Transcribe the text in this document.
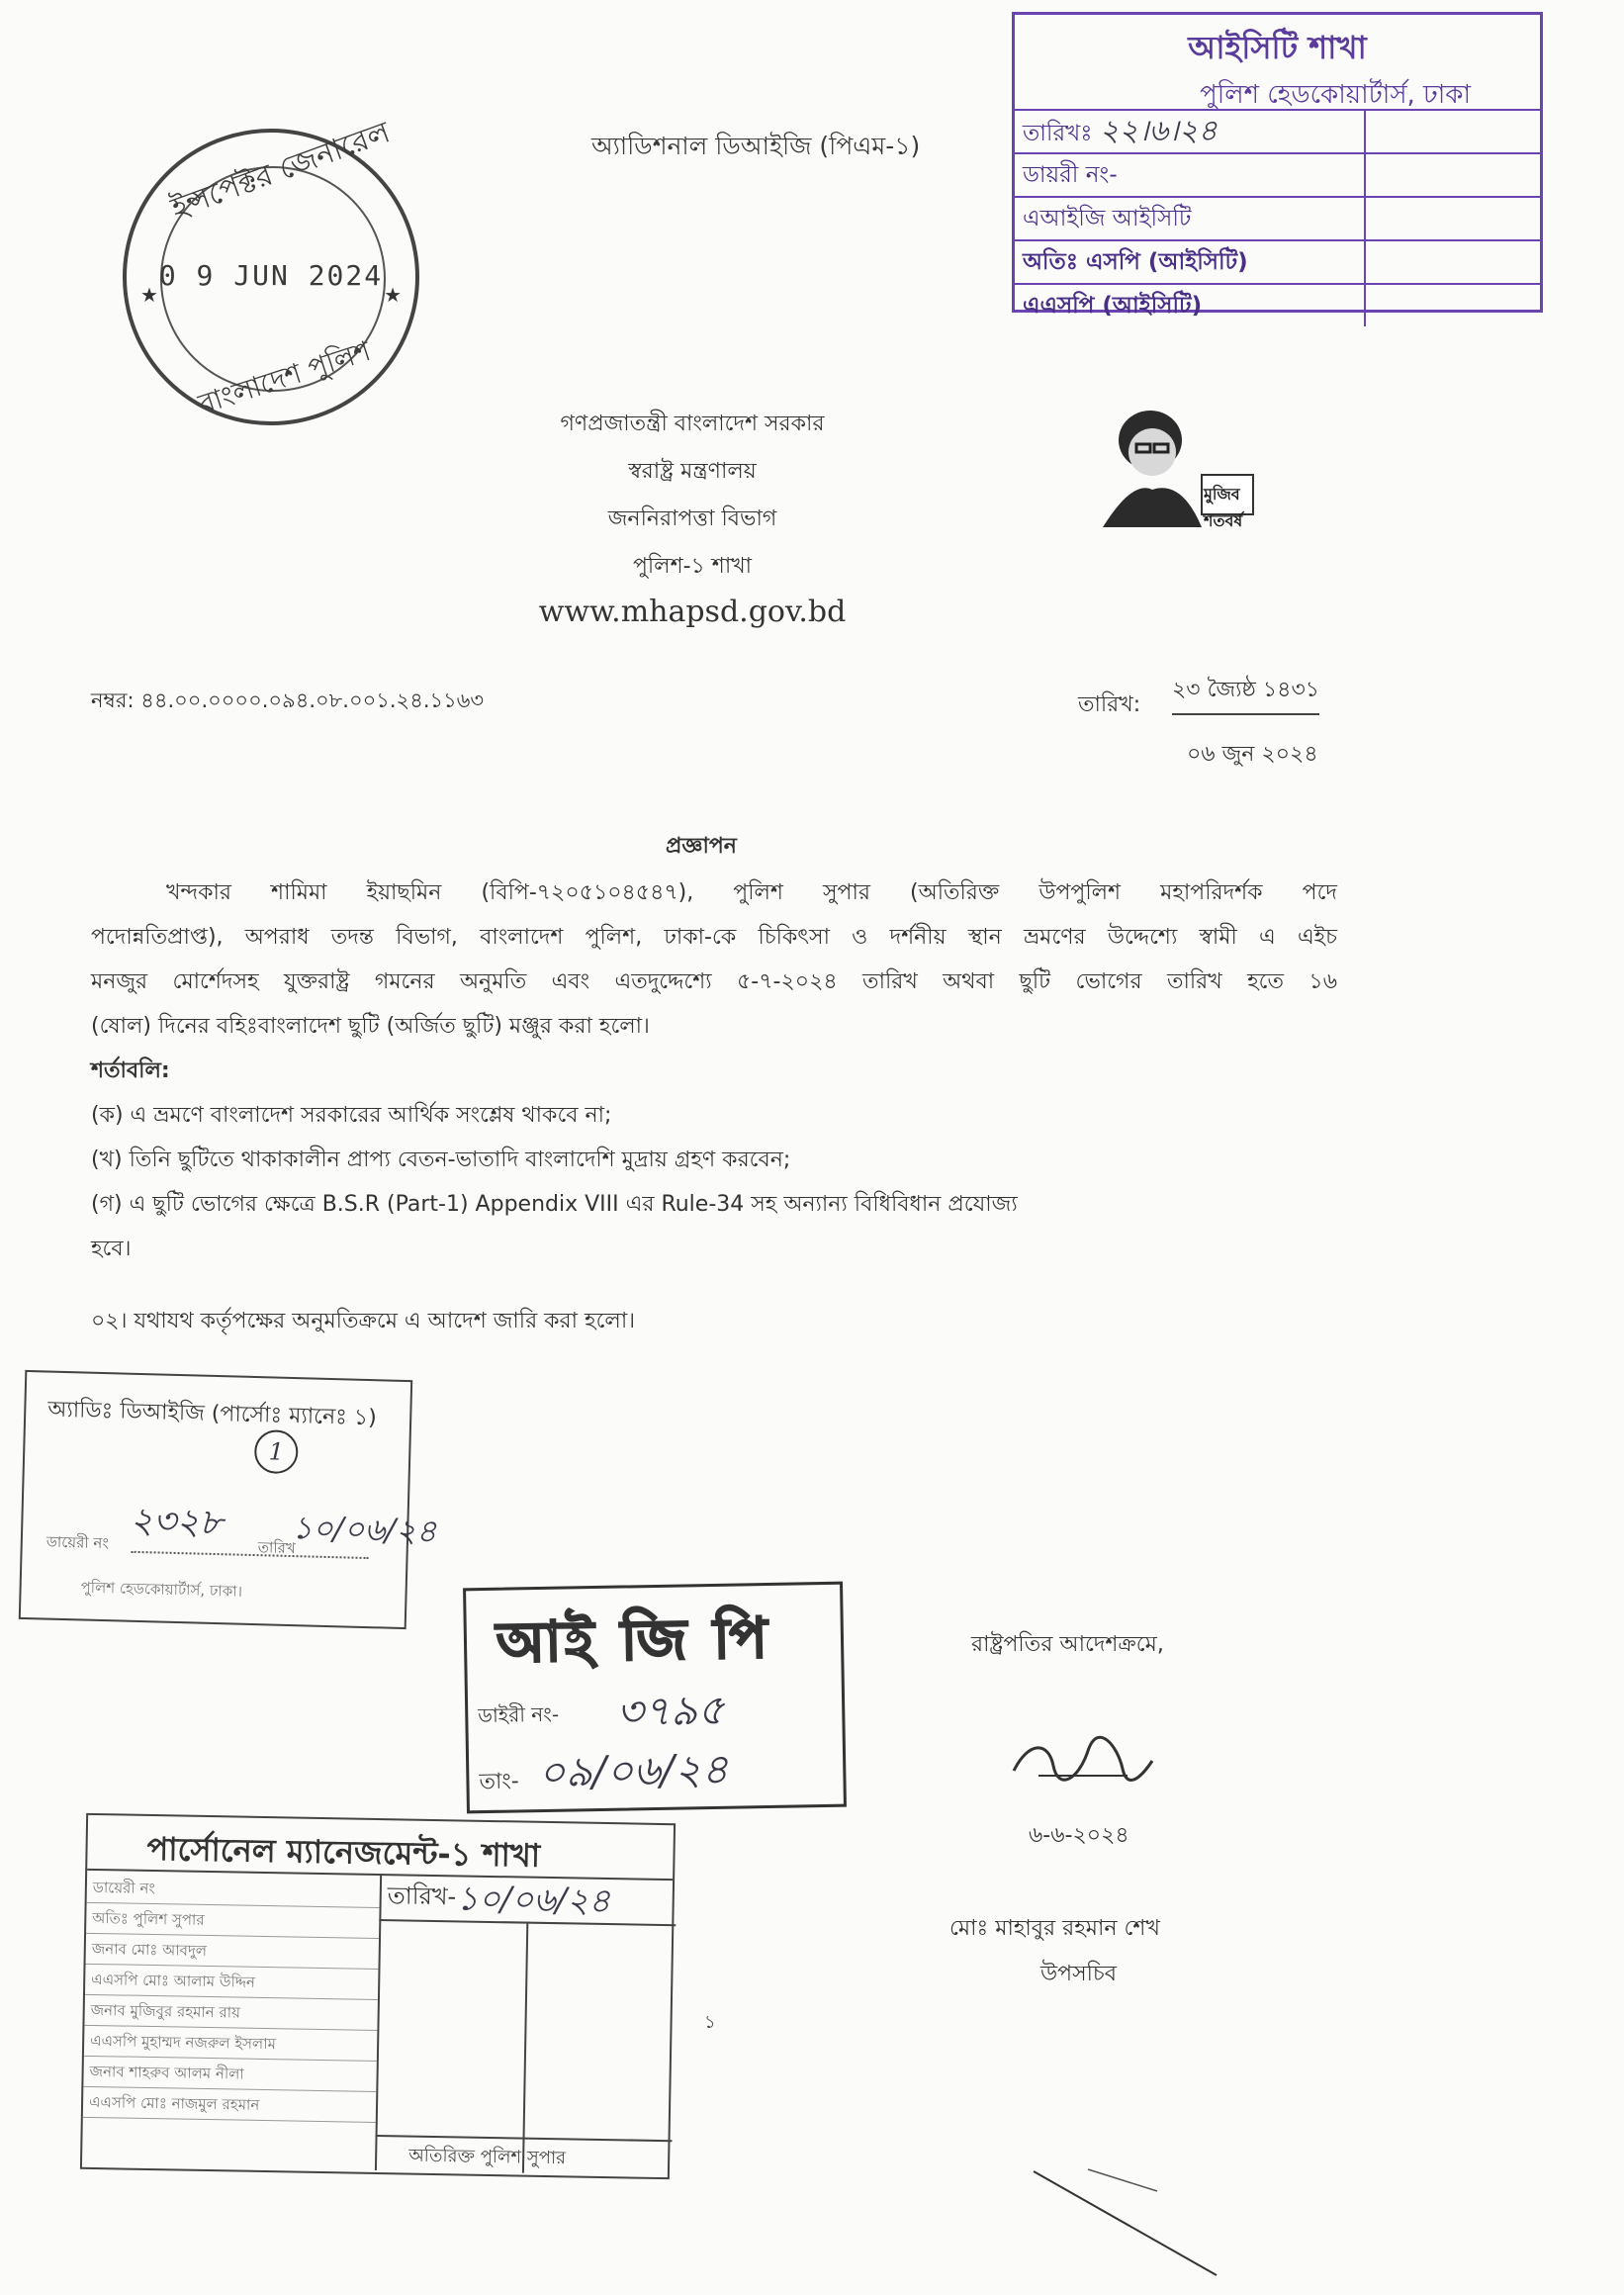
আইসিটি শাখা
পুলিশ হেডকোয়ার্টার্স, ঢাকা
তারিখঃ ২২।৬।২৪
ডায়রী নং-
এআইজি আইসিটি
অতিঃ এসপি (আইসিটি)
এএসপি (আইসিটি)
অ্যাডিশনাল ডিআইজি (পিএম-১)
ইন্সপেক্টর জেনারেল
★	★
0 9 JUN 2024
বাংলাদেশ পুলিশ
গণপ্রজাতন্ত্রী বাংলাদেশ সরকার
স্বরাষ্ট্র মন্ত্রণালয়
জননিরাপত্তা বিভাগ
পুলিশ-১ শাখা
www.mhapsd.gov.bd
মুজিব শতবর্ষ
নম্বর: ৪৪.০০.০০০০.০৯৪.০৮.০০১.২৪.১১৬৩	তারিখ:
২৩ জ্যৈষ্ঠ ১৪৩১
০৬ জুন ২০২৪
প্রজ্ঞাপন
খন্দকার শামিমা ইয়াছমিন (বিপি-৭২০৫১০৪৫৪৭), পুলিশ সুপার (অতিরিক্ত উপপুলিশ মহাপরিদর্শক পদে
পদোন্নতিপ্রাপ্ত), অপরাধ তদন্ত বিভাগ, বাংলাদেশ পুলিশ, ঢাকা-কে চিকিৎসা ও দর্শনীয় স্থান ভ্রমণের উদ্দেশ্যে স্বামী এ এইচ
মনজুর মোর্শেদসহ যুক্তরাষ্ট্র গমনের অনুমতি এবং এতদুদ্দেশ্যে ৫-৭-২০২৪ তারিখ অথবা ছুটি ভোগের তারিখ হতে ১৬
(ষোল) দিনের বহিঃবাংলাদেশ ছুটি (অর্জিত ছুটি) মঞ্জুর করা হলো।
শর্তাবলি:
(ক) এ ভ্রমণে বাংলাদেশ সরকারের আর্থিক সংশ্লেষ থাকবে না;
(খ) তিনি ছুটিতে থাকাকালীন প্রাপ্য বেতন-ভাতাদি বাংলাদেশি মুদ্রায় গ্রহণ করবেন;
(গ) এ ছুটি ভোগের ক্ষেত্রে B.S.R (Part-1) Appendix VIII এর Rule-34 সহ অন্যান্য বিধিবিধান প্রযোজ্য
হবে।
০২। যথাযথ কর্তৃপক্ষের অনুমতিক্রমে এ আদেশ জারি করা হলো।
অ্যাডিঃ ডিআইজি (পার্সোঃ ম্যানেঃ ১)
1
২৩২৮ ১০/০৬/২৪
ডায়েরী নং	তারিখ
পুলিশ হেডকোয়ার্টার্স, ঢাকা।
আই জি পি
ডাইরী নং- ৩৭৯৫
তাং- ০৯/০৬/২৪
রাষ্ট্রপতির আদেশক্রমে,
৬-৬-২০২৪
মোঃ মাহাবুর রহমান শেখ
উপসচিব
পার্সোনেল ম্যানেজমেন্ট-১ শাখা
তারিখ- ১০/০৬/২৪
ডায়েরী নং
অতিঃ পুলিশ সুপার
জনাব মোঃ আবদুল
এএসপি মোঃ আলাম উদ্দিন
জনাব মুজিবুর রহমান রায়
এএসপি মুহাম্মদ নজরুল ইসলাম
জনাব শাহরুব আলম নীলা
এএসপি মোঃ নাজমুল রহমান
অতিরিক্ত পুলিশ সুপার
১
